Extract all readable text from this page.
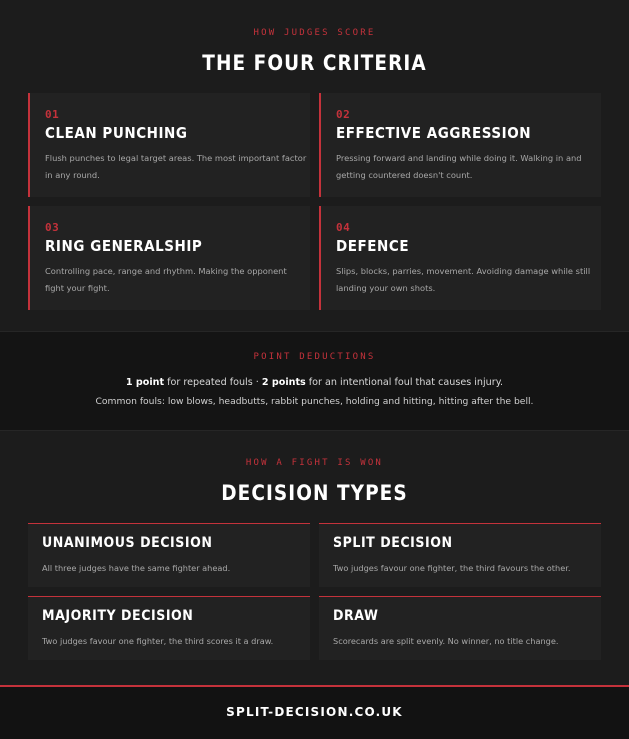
HOW JUDGES SCORE
THE FOUR CRITERIA
01
CLEAN PUNCHING
Flush punches to legal target areas. The most important factor in any round.
02
EFFECTIVE AGGRESSION
Pressing forward and landing while doing it. Walking in and getting countered doesn't count.
03
RING GENERALSHIP
Controlling pace, range and rhythm. Making the opponent fight your fight.
04
DEFENCE
Slips, blocks, parries, movement. Avoiding damage while still landing your own shots.
POINT DEDUCTIONS
1 point for repeated fouls · 2 points for an intentional foul that causes injury.
Common fouls: low blows, headbutts, rabbit punches, holding and hitting, hitting after the bell.
HOW A FIGHT IS WON
DECISION TYPES
UNANIMOUS DECISION
All three judges have the same fighter ahead.
SPLIT DECISION
Two judges favour one fighter, the third favours the other.
MAJORITY DECISION
Two judges favour one fighter, the third scores it a draw.
DRAW
Scorecards are split evenly. No winner, no title change.
SPLIT-DECISION.CO.UK
